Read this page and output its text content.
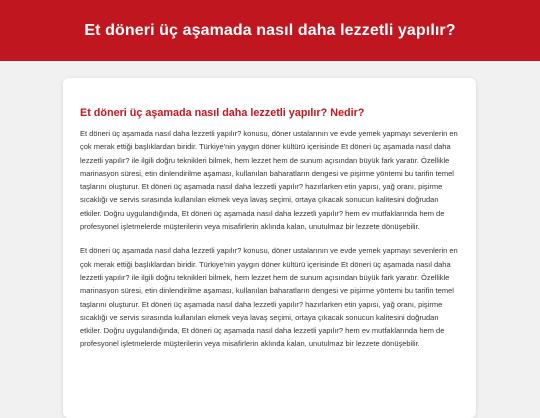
Et döneri üç aşamada nasıl daha lezzetli yapılır?
Et döneri üç aşamada nasıl daha lezzetli yapılır? Nedir?

Et döneri üç aşamada nasıl daha lezzetli yapılır? konusu, döner ustalarının ve evde yemek yapmayı sevenlerin en çok merak ettiği başlıklardan biridir. Türkiye'nin yaygın döner kültürü içerisinde Et döneri üç aşamada nasıl daha lezzetli yapılır? ile ilgili doğru teknikleri bilmek, hem lezzet hem de sunum açısından büyük fark yaratır. Özellikle marinasyon süresi, etin dinlendirilme aşaması, kullanılan baharatların dengesi ve pişirme yöntemi bu tarifin temel taşlarını oluşturur. Et döneri üç aşamada nasıl daha lezzetli yapılır? hazırlarken etin yapısı, yağ oranı, pişirme sıcaklığı ve servis sırasında kullanılan ekmek veya lavaş seçimi, ortaya çıkacak sonucun kalitesini doğrudan etkiler. Doğru uygulandığında, Et döneri üç aşamada nasıl daha lezzetli yapılır? hem ev mutfaklarında hem de profesyonel işletmelerde müşterilerin veya misafirlerin aklında kalan, unutulmaz bir lezzete dönüşebilir.

Et döneri üç aşamada nasıl daha lezzetli yapılır? konusu, döner ustalarının ve evde yemek yapmayı sevenlerin en çok merak ettiği başlıklardan biridir. Türkiye'nin yaygın döner kültürü içerisinde Et döneri üç aşamada nasıl daha lezzetli yapılır? ile ilgili doğru teknikleri bilmek, hem lezzet hem de sunum açısından büyük fark yaratır. Özellikle marinasyon süresi, etin dinlendirilme aşaması, kullanılan baharatların dengesi ve pişirme yöntemi bu tarifin temel taşlarını oluşturur. Et döneri üç aşamada nasıl daha lezzetli yapılır? hazırlarken etin yapısı, yağ oranı, pişirme sıcaklığı ve servis sırasında kullanılan ekmek veya lavaş seçimi, ortaya çıkacak sonucun kalitesini doğrudan etkiler. Doğru uygulandığında, Et döneri üç aşamada nasıl daha lezzetli yapılır? hem ev mutfaklarında hem de profesyonel işletmelerde müşterilerin veya misafirlerin aklında kalan, unutulmaz bir lezzete dönüşebilir.
